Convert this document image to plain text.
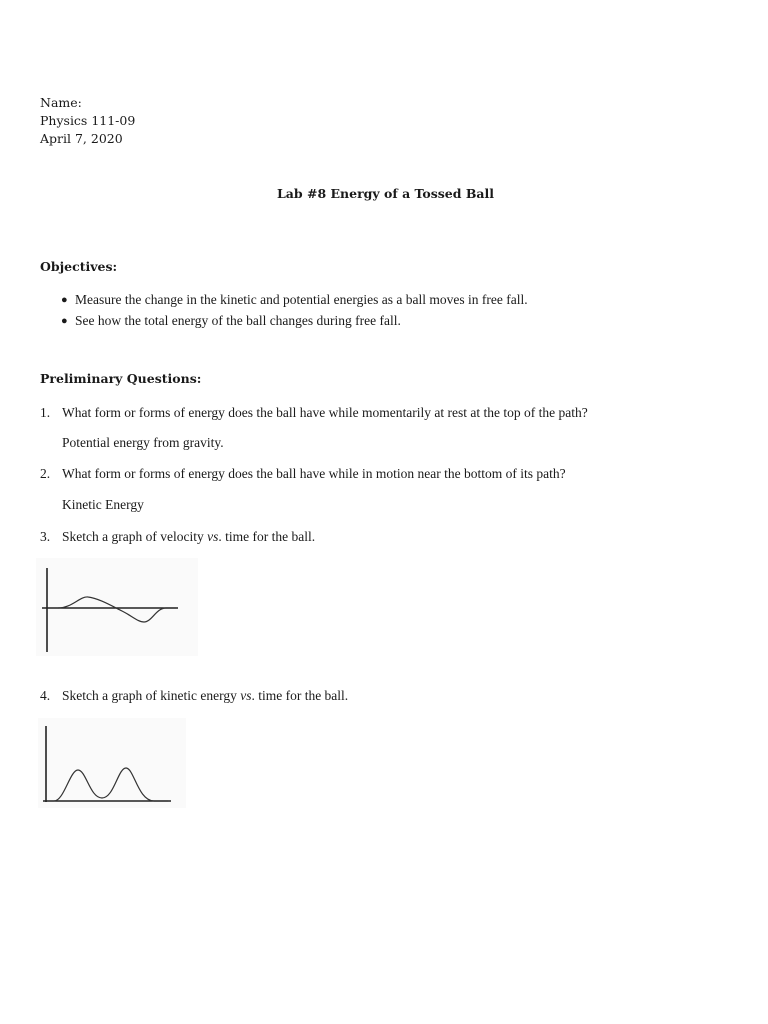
Name:
Physics 111-09
April 7, 2020
Lab #8 Energy of a Tossed Ball
Objectives:
● Measure the change in the kinetic and potential energies as a ball moves in free fall.
● See how the total energy of the ball changes during free fall.
Preliminary Questions:
1. What form or forms of energy does the ball have while momentarily at rest at the top of the path?
Potential energy from gravity.
2. What form or forms of energy does the ball have while in motion near the bottom of its path?
Kinetic Energy
3. Sketch a graph of velocity vs. time for the ball.
4. Sketch a graph of kinetic energy vs. time for the ball.
